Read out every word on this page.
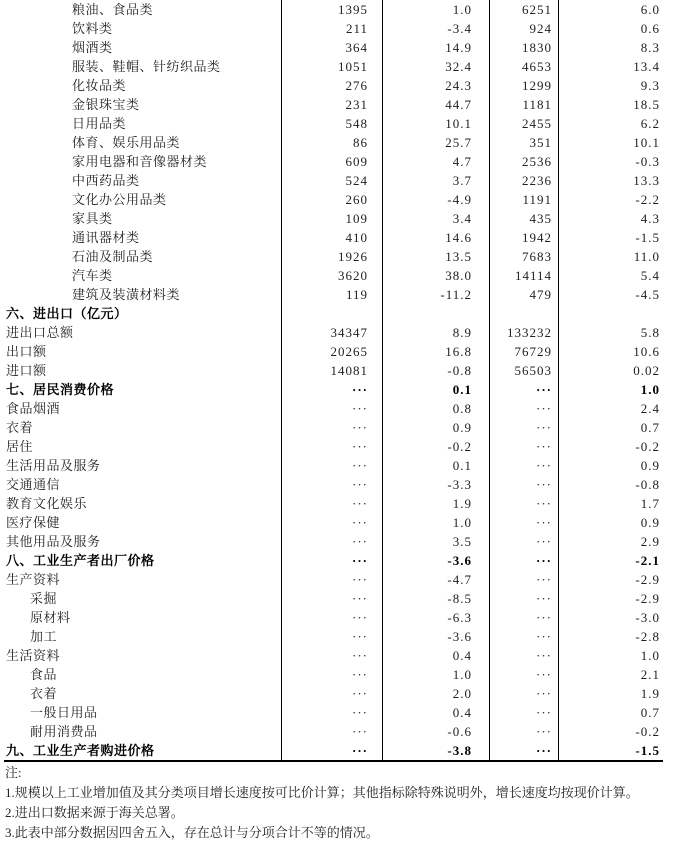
粮油、食品类	1395	1.0	6251	6.0
饮料类	211	-3.4	924	0.6
烟酒类	364	14.9	1830	8.3
服装、鞋帽、针纺织品类	1051	32.4	4653	13.4
化妆品类	276	24.3	1299	9.3
金银珠宝类	231	44.7	1181	18.5
日用品类	548	10.1	2455	6.2
体育、娱乐用品类	86	25.7	351	10.1
家用电器和音像器材类	609	4.7	2536	-0.3
中西药品类	524	3.7	2236	13.3
文化办公用品类	260	-4.9	1191	-2.2
家具类	109	3.4	435	4.3
通讯器材类	410	14.6	1942	-1.5
石油及制品类	1926	13.5	7683	11.0
汽车类	3620	38.0	14114	5.4
建筑及装潢材料类	119	-11.2	479	-4.5
六、进出口（亿元）
进出口总额	34347	8.9	133232	5.8
出口额	20265	16.8	76729	10.6
进口额	14081	-0.8	56503	0.02
七、居民消费价格	···	0.1	···	1.0
食品烟酒	···	0.8	···	2.4
衣着	···	0.9	···	0.7
居住	···	-0.2	···	-0.2
生活用品及服务	···	0.1	···	0.9
交通通信	···	-3.3	···	-0.8
教育文化娱乐	···	1.9	···	1.7
医疗保健	···	1.0	···	0.9
其他用品及服务	···	3.5	···	2.9
八、工业生产者出厂价格	···	-3.6	···	-2.1
生产资料	···	-4.7	···	-2.9
采掘	···	-8.5	···	-2.9
原材料	···	-6.3	···	-3.0
加工	···	-3.6	···	-2.8
生活资料	···	0.4	···	1.0
食品	···	1.0	···	2.1
衣着	···	2.0	···	1.9
一般日用品	···	0.4	···	0.7
耐用消费品	···	-0.6	···	-0.2
九、工业生产者购进价格	···	-3.8	···	-1.5
注:
1.规模以上工业增加值及其分类项目增长速度按可比价计算；其他指标除特殊说明外，增长速度均按现价计算。
2.进出口数据来源于海关总署。
3.此表中部分数据因四舍五入，存在总计与分项合计不等的情况。
